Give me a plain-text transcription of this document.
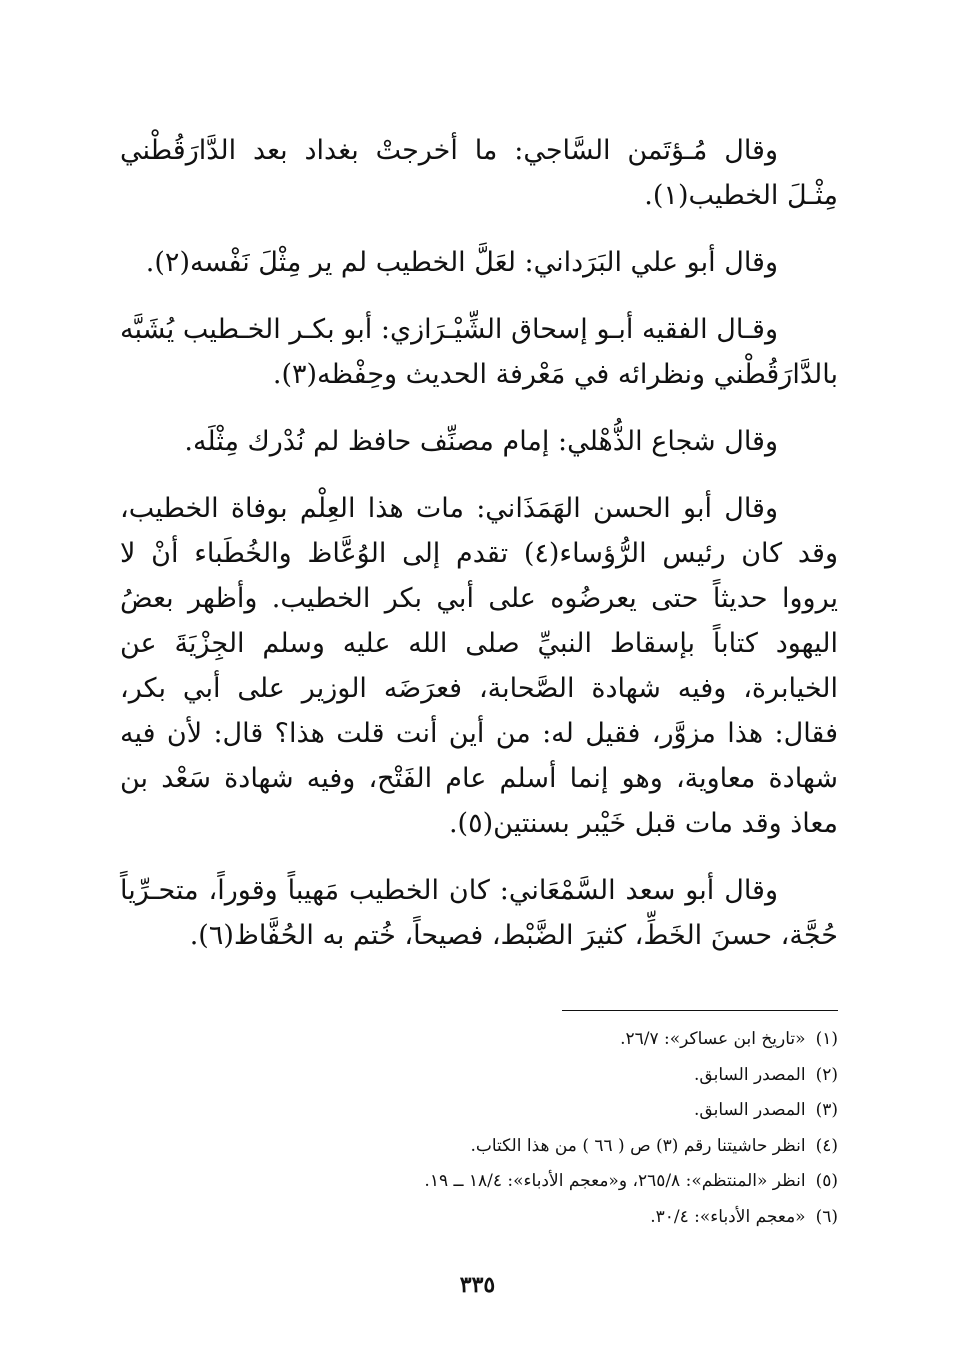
وقال مُـؤتَمن السَّاجي: ما أخرجتْ بغداد بعد الدَّارَقُطْني مِثْـلَ الخطيب(١).

وقال أبو علي البَرَداني: لعَلَّ الخطيب لم ير مِثْلَ نَفْسه(٢).

وقـال الفقيه أبـو إسحاق الشِّيْـرَازي: أبو بكـر الخـطيب يُشَبَّه بالدَّارَقُطْني ونظرائه في مَعْرفة الحديث وحِفْظه(٣).

وقال شجاع الذُّهْلي: إمام مصنِّف حافظ لم نُدْرك مِثْلَه.

وقال أبو الحسن الهَمَذَاني: مات هذا العِلْم بوفاة الخطيب، وقد كان رئيس الرُّؤساء(٤) تقدم إلى الوُعَّاظ والخُطَباء أنْ لا يرووا حديثاً حتى يعرضُوه على أبي بكر الخطيب. وأظهر بعضُ اليهود كتاباً بإسقاط النبيِّ صلى الله عليه وسلم الجِزْيَةَ عن الخيابرة، وفيه شهادة الصَّحابة، فعرَضَه الوزير على أبي بكر، فقال: هذا مزوَّر، فقيل له: من أين أنت قلت هذا؟ قال: لأن فيه شهادة معاوية، وهو إنما أسلم عام الفَتْح، وفيه شهادة سَعْد بن معاذ وقد مات قبل خَيْبر بسنتين(٥).

وقال أبو سعد السَّمْعَاني: كان الخطيب مَهيباً وقوراً، متحـرِّياً حُجَّة، حسنَ الخَطِّ، كثيرَ الضَّبْط، فصيحاً، خُتم به الحُفَّاظ(٦).

(١)«تاريخ ابن عساكر»: ٢٦/٧.
(٢)المصدر السابق.
(٣)المصدر السابق.
(٤)انظر حاشيتنا رقم (٣) ص ( ٦٦ ) من هذا الكتاب.
(٥)انظر «المنتظم»: ٢٦٥/٨، و«معجم الأدباء»: ١٨/٤ ــ ١٩.
(٦)«معجم الأدباء»: ٣٠/٤.
٣٣٥
